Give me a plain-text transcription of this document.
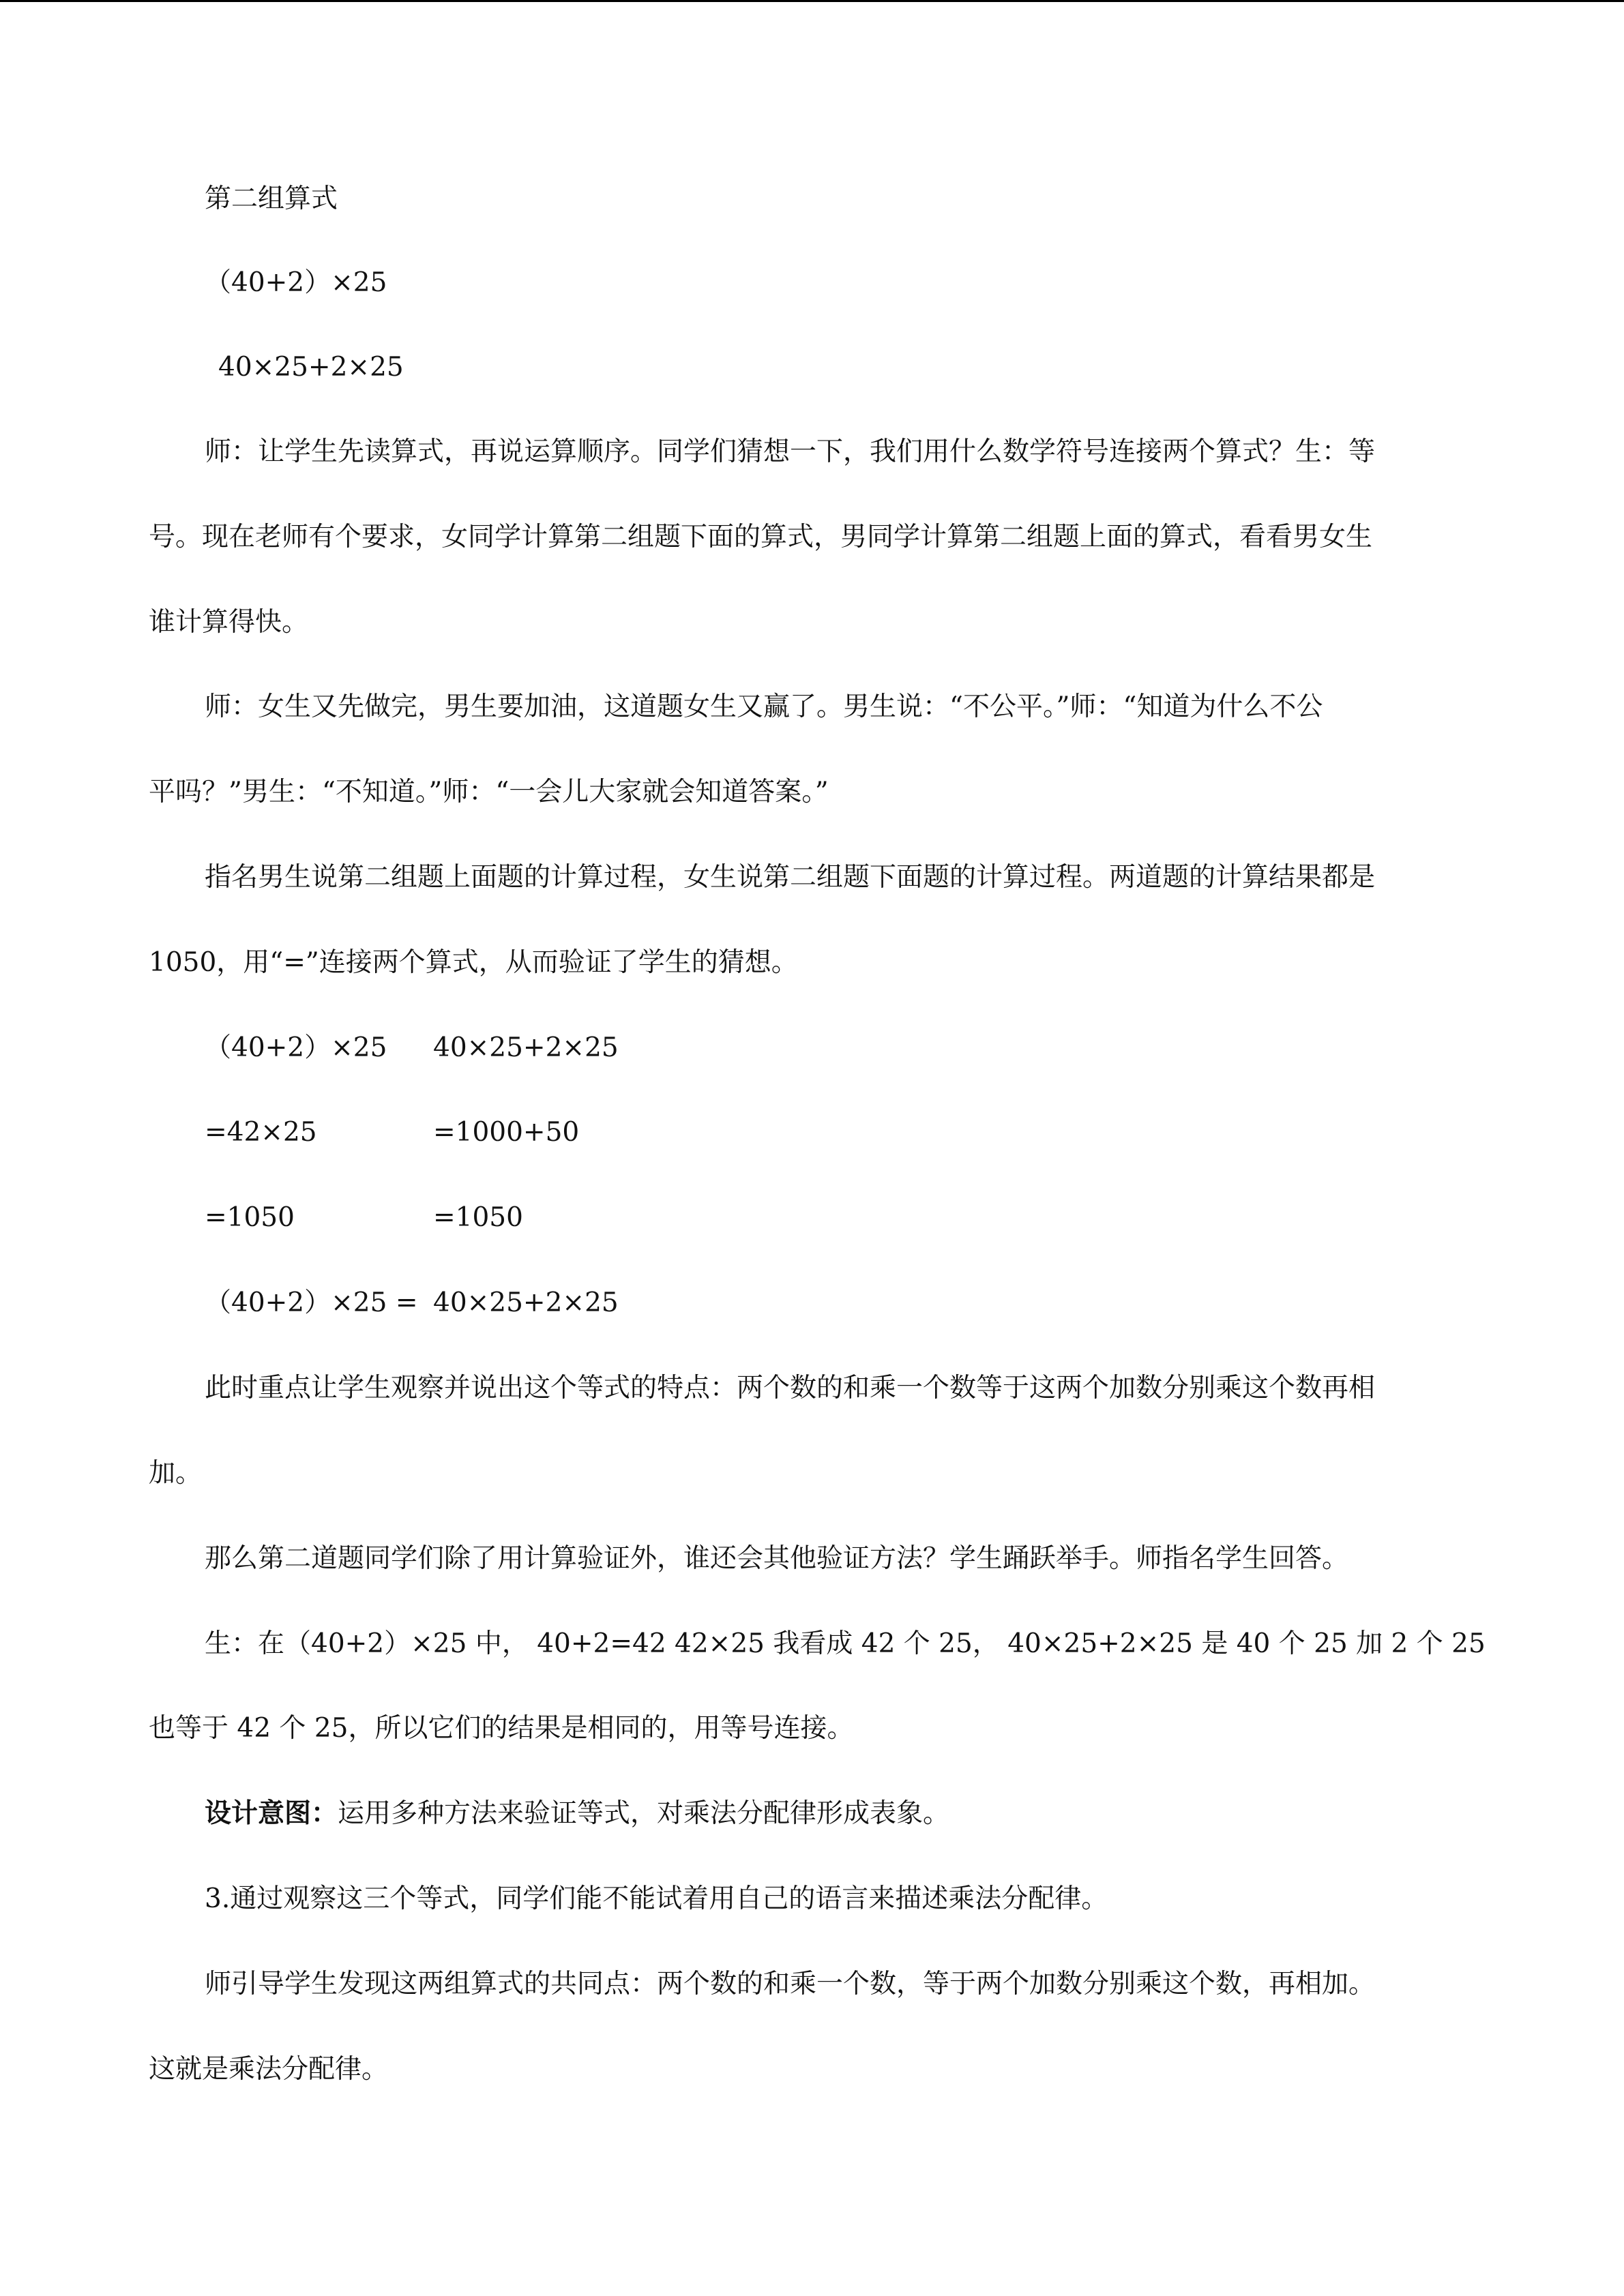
第二组算式
（40+2）×25
40×25+2×25
师：让学生先读算式，再说运算顺序。同学们猜想一下，我们用什么数学符号连接两个算式？生：等
号。现在老师有个要求，女同学计算第二组题下面的算式，男同学计算第二组题上面的算式，看看男女生
谁计算得快。
师：女生又先做完，男生要加油，这道题女生又赢了。男生说：“不公平。”师：“知道为什么不公
平吗？”男生：“不知道。”师：“一会儿大家就会知道答案。”
指名男生说第二组题上面题的计算过程，女生说第二组题下面题的计算过程。两道题的计算结果都是
1050，用“=”连接两个算式，从而验证了学生的猜想。
（40+2）×25 40×25+2×25
=42×25	=1000+50
=1050	=1050
（40+2）×25 = 40×25+2×25
此时重点让学生观察并说出这个等式的特点：两个数的和乘一个数等于这两个加数分别乘这个数再相
加。
那么第二道题同学们除了用计算验证外，谁还会其他验证方法？学生踊跃举手。师指名学生回答。
生：在（40+2）×25 中， 40+2=42 42×25 我看成 42 个 25， 40×25+2×25 是 40 个 25 加 2 个 25
也等于 42 个 25，所以它们的结果是相同的，用等号连接。
设计意图：运用多种方法来验证等式，对乘法分配律形成表象。
3.通过观察这三个等式，同学们能不能试着用自己的语言来描述乘法分配律。
师引导学生发现这两组算式的共同点：两个数的和乘一个数，等于两个加数分别乘这个数，再相加。
这就是乘法分配律。
